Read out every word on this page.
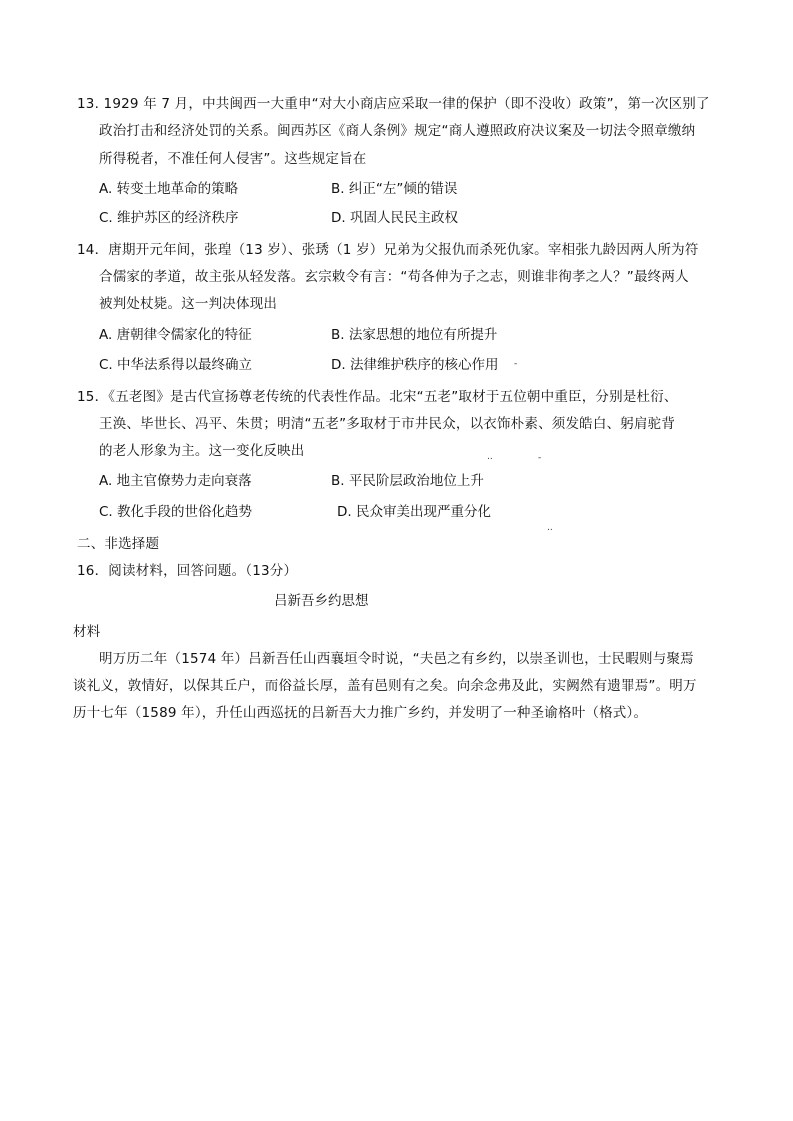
13. 1929 年 7 月，中共闽西一大重申“对大小商店应采取一律的保护（即不没收）政策”，第一次区别了
政治打击和经济处罚的关系。闽西苏区《商人条例》规定“商人遵照政府决议案及一切法令照章缴纳
所得税者，不准任何人侵害”。这些规定旨在
A. 转变土地革命的策略	B. 纠正“左”倾的错误
C. 维护苏区的经济秩序	D. 巩固人民民主政权
14．唐期开元年间，张瑝（13 岁）、张琇（1 岁）兄弟为父报仇而杀死仇家。宰相张九龄因两人所为符
合儒家的孝道，故主张从轻发落。玄宗敕令有言：“苟各伸为子之志，则谁非徇孝之人？”最终两人
被判处杖毙。这一判决体现出
A. 唐朝律令儒家化的特征	B. 法家思想的地位有所提升
C. 中华法系得以最终确立	D. 法律维护秩序的核心作用 -
15．《五老图》是古代宣扬尊老传统的代表性作品。北宋“五老”取材于五位朝中重臣，分别是杜衍、
王涣、毕世长、冯平、朱贯；明清“五老”多取材于市井民众，以衣饰朴素、须发皓白、躬肩驼背
的老人形象为主。这一变化反映出	..	-
A. 地主官僚势力走向衰落	B. 平民阶层政治地位上升
C. 教化手段的世俗化趋势	D. 民众审美出现严重分化
..
二、非选择题
16．阅读材料，回答问题。（13分）
吕新吾乡约思想
材料
明万历二年（1574 年）吕新吾任山西襄垣令时说，“夫邑之有乡约，以崇圣训也，士民暇则与聚焉
谈礼义，敦情好，以保其丘户，而俗益长厚，盖有邑则有之矣。向余念弗及此，实阙然有遗罪焉”。明万
历十七年（1589 年），升任山西巡抚的吕新吾大力推广乡约，并发明了一种圣谕格叶（格式）。
